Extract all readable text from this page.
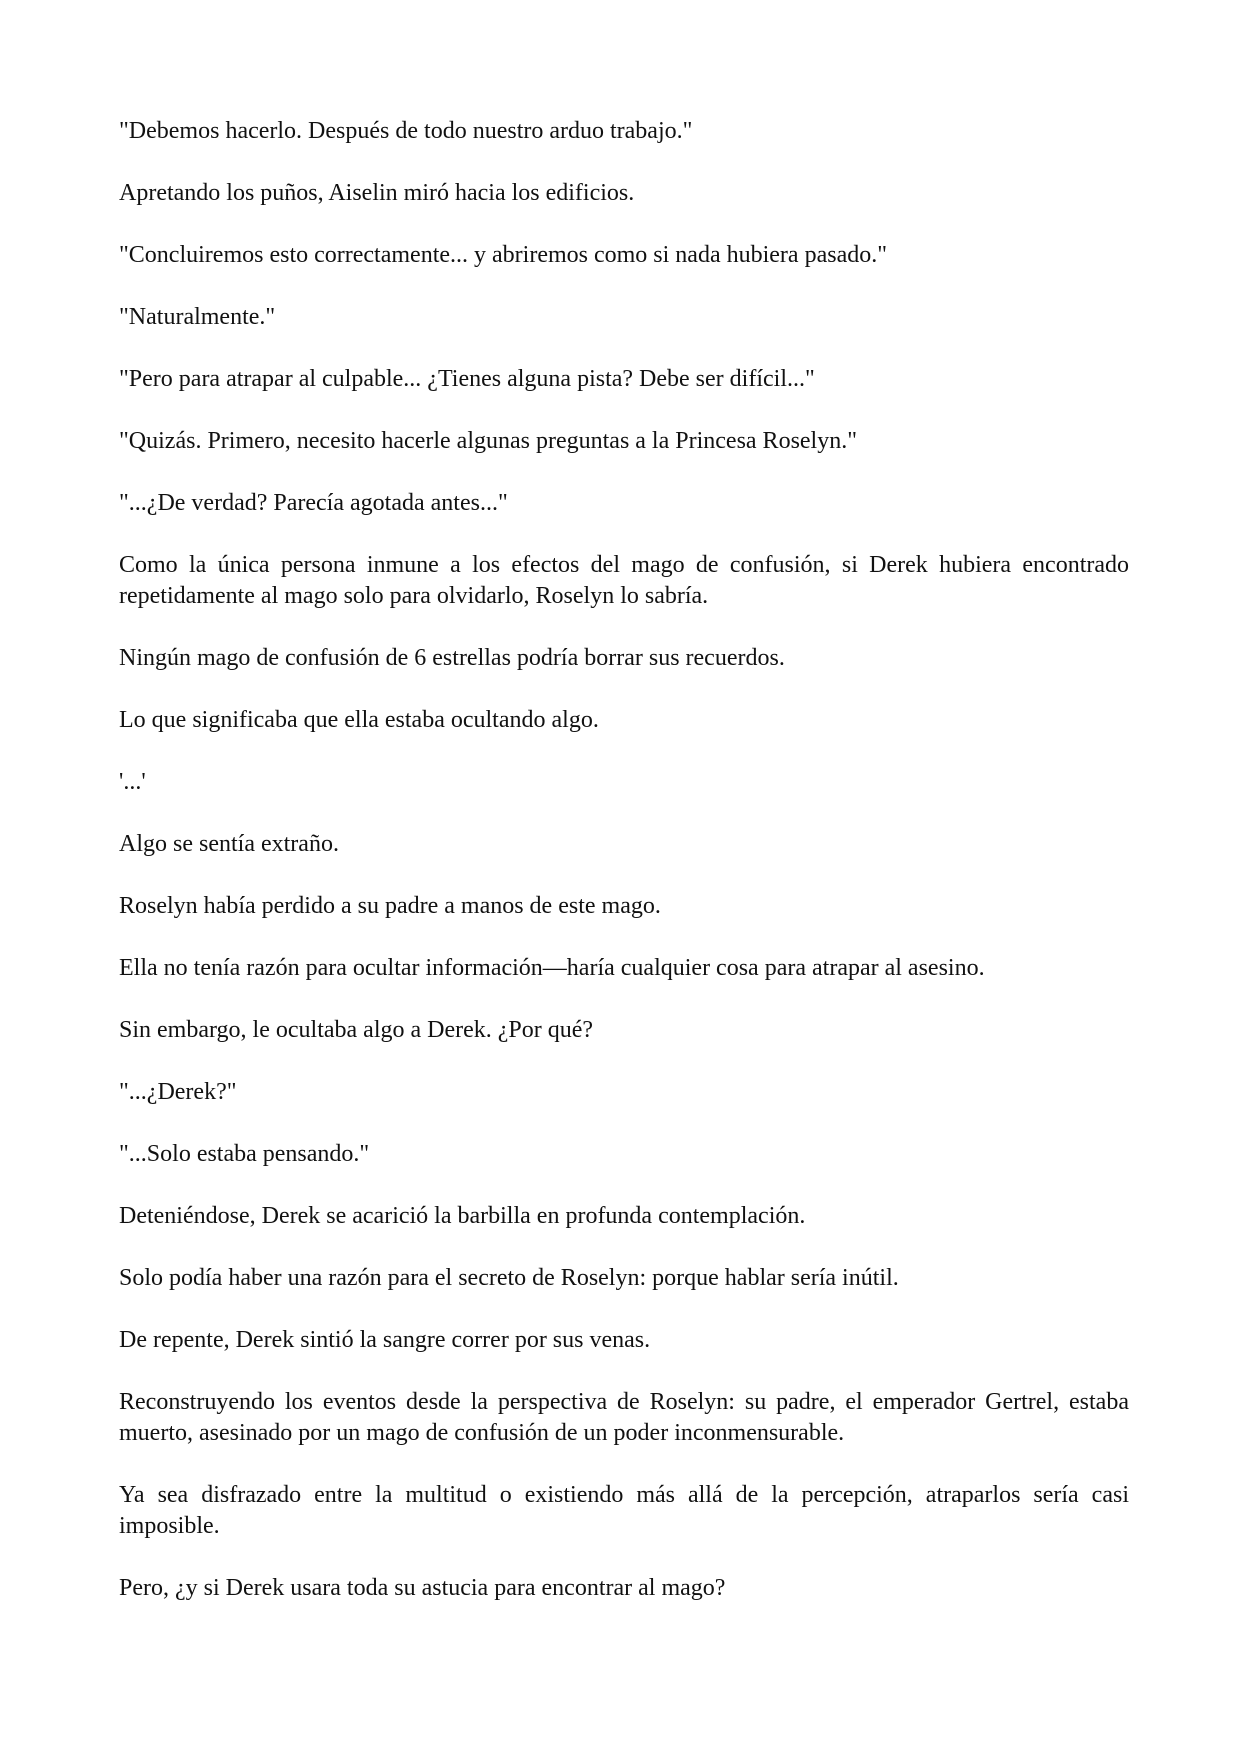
"Debemos hacerlo. Después de todo nuestro arduo trabajo."

Apretando los puños, Aiselin miró hacia los edificios.

"Concluiremos esto correctamente... y abriremos como si nada hubiera pasado."

"Naturalmente."

"Pero para atrapar al culpable... ¿Tienes alguna pista? Debe ser difícil..."

"Quizás. Primero, necesito hacerle algunas preguntas a la Princesa Roselyn."

"...¿De verdad? Parecía agotada antes..."

Como la única persona inmune a los efectos del mago de confusión, si Derek hubiera encontrado repetidamente al mago solo para olvidarlo, Roselyn lo sabría.

Ningún mago de confusión de 6 estrellas podría borrar sus recuerdos.

Lo que significaba que ella estaba ocultando algo.

'...'

Algo se sentía extraño.

Roselyn había perdido a su padre a manos de este mago.

Ella no tenía razón para ocultar información—haría cualquier cosa para atrapar al asesino.

Sin embargo, le ocultaba algo a Derek. ¿Por qué?

"...¿Derek?"

"...Solo estaba pensando."

Deteniéndose, Derek se acarició la barbilla en profunda contemplación.

Solo podía haber una razón para el secreto de Roselyn: porque hablar sería inútil.

De repente, Derek sintió la sangre correr por sus venas.

Reconstruyendo los eventos desde la perspectiva de Roselyn: su padre, el emperador Gertrel, estaba muerto, asesinado por un mago de confusión de un poder inconmensurable.

Ya sea disfrazado entre la multitud o existiendo más allá de la percepción, atraparlos sería casi imposible.

Pero, ¿y si Derek usara toda su astucia para encontrar al mago?
